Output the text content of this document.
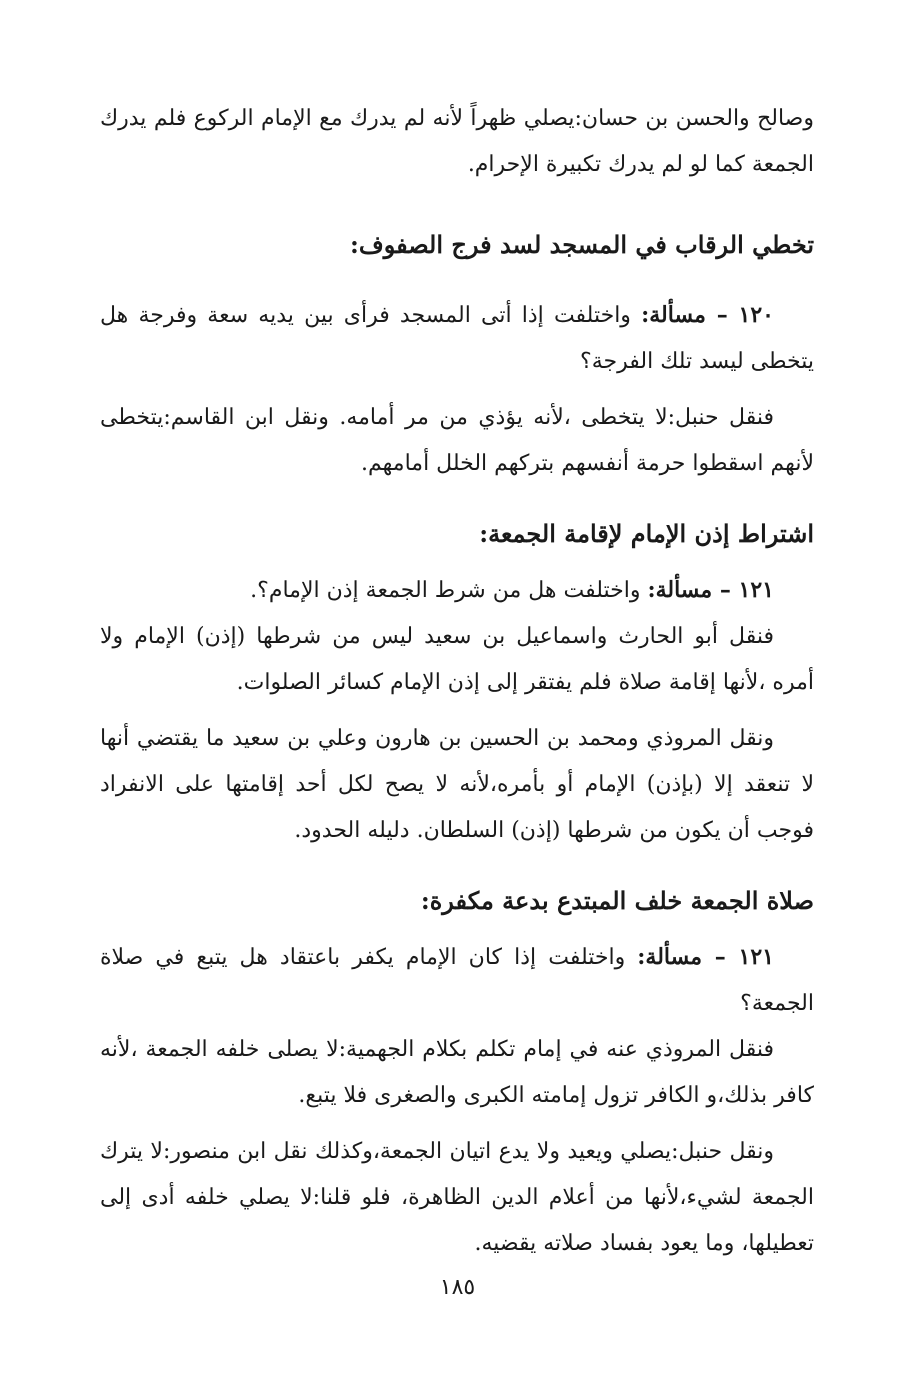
وصالح والحسن بن حسان:يصلي ظهراً لأنه لم يدرك مع الإمام الركوع فلم يدرك الجمعة كما لو لم يدرك تكبيرة الإحرام.

تخطي الرقاب في المسجد لسد فرج الصفوف:

١٢٠ – مسألة: واختلفت إذا أتى المسجد فرأى بين يديه سعة وفرجة هل يتخطى ليسد تلك الفرجة؟

فنقل حنبل:لا يتخطى ،لأنه يؤذي من مر أمامه. ونقل ابن القاسم:يتخطى لأنهم اسقطوا حرمة أنفسهم بتركهم الخلل أمامهم.

اشتراط إذن الإمام لإقامة الجمعة:

١٢١ – مسألة: واختلفت هل من شرط الجمعة إذن الإمام؟.

فنقل أبو الحارث واسماعيل بن سعيد ليس من شرطها (إذن) الإمام ولا أمره ،لأنها إقامة صلاة فلم يفتقر إلى إذن الإمام كسائر الصلوات.

ونقل المروذي ومحمد بن الحسين بن هارون وعلي بن سعيد ما يقتضي أنها لا تنعقد إلا (بإذن) الإمام أو بأمره،لأنه لا يصح لكل أحد إقامتها على الانفراد فوجب أن يكون من شرطها (إذن) السلطان. دليله الحدود.

صلاة الجمعة خلف المبتدع بدعة مكفرة:

١٢١ – مسألة: واختلفت إذا كان الإمام يكفر باعتقاد هل يتبع في صلاة الجمعة؟

فنقل المروذي عنه في إمام تكلم بكلام الجهمية:لا يصلى خلفه الجمعة ،لأنه كافر بذلك،و الكافر تزول إمامته الكبرى والصغرى فلا يتبع.

ونقل حنبل:يصلي ويعيد ولا يدع اتيان الجمعة،وكذلك نقل ابن منصور:لا يترك الجمعة لشيء،لأنها من أعلام الدين الظاهرة، فلو قلنا:لا يصلي خلفه أدى إلى تعطيلها، وما يعود بفساد صلاته يقضيه.

١٨٥
